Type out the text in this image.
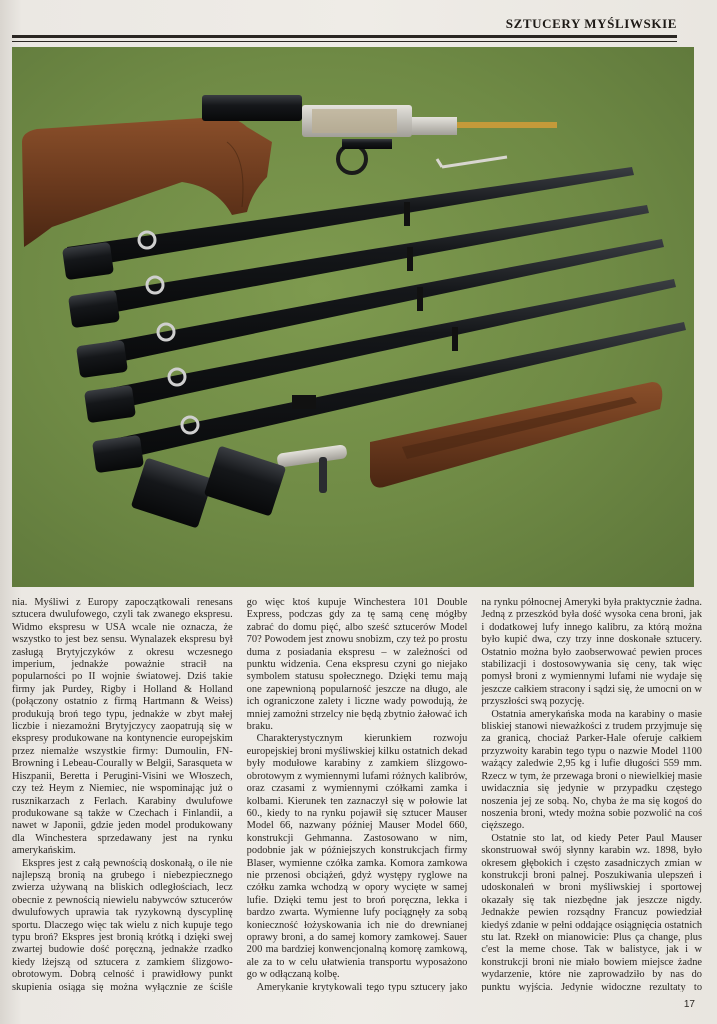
SZTUCERY MYŚLIWSKIE

nia. Myśliwi z Europy zapoczątkowali renesans sztucera dwulufowego, czyli tak zwanego ekspresu. Widmo ekspresu w USA wcale nie oznacza, że wszystko to jest bez sensu. Wynalazek ekspresu był zasługą Brytyjczyków z okresu wczesnego imperium, jednakże poważnie stracił na popularności po II wojnie światowej. Dziś takie firmy jak Purdey, Rigby i Holland & Holland (połączony ostatnio z firmą Hartmann & Weiss) produkują broń tego typu, jednakże w zbyt małej liczbie i niezamożni Brytyjczycy zaopatrują się w ekspresy produkowane na kontynencie europejskim przez niemalże wszystkie firmy: Dumoulin, FN-Browning i Lebeau-Courally w Belgii, Sarasqueta w Hiszpanii, Beretta i Perugini-Visini we Włoszech, czy też Heym z Niemiec, nie wspominając już o rusznikarzach z Ferlach. Karabiny dwulufowe produkowane są także w Czechach i Finlandii, a nawet w Japonii, gdzie jeden model produkowany dla Winchestera sprzedawany jest na rynku amerykańskim.

Ekspres jest z całą pewnością doskonałą, o ile nie najlepszą bronią na grubego i niebezpiecznego zwierza używaną na bliskich odległościach, lecz obecnie z pewnością niewielu nabywców sztucerów dwulufowych uprawia tak ryzykowną dyscyplinę sportu. Dlaczego więc tak wielu z nich kupuje tego typu broń? Ekspres jest bronią krótką i dzięki swej zwartej budowie dość poręczną, jednakże rzadko kiedy lżejszą od sztucera z zamkiem ślizgowo-obrotowym. Dobrą celność i prawidłowy punkt skupienia osiąga się można wyłącznie ze ściśle

go więc ktoś kupuje Winchestera 101 Double Express, podczas gdy za tę samą cenę mógłby zabrać do domu pięć, albo sześć sztucerów Model 70? Powodem jest znowu snobizm, czy też po prostu duma z posiadania ekspresu – w zależności od punktu widzenia. Cena ekspresu czyni go niejako symbolem statusu społecznego. Dzięki temu mają one zapewnioną popularność jeszcze na długo, ale ich ograniczone zalety i liczne wady powodują, że mniej zamożni strzelcy nie będą zbytnio żałować ich braku.

Charakterystycznym kierunkiem rozwoju europejskiej broni myśliwskiej kilku ostatnich dekad były modułowe karabiny z zamkiem ślizgowo-obrotowym z wymiennymi lufami różnych kalibrów, oraz czasami z wymiennymi czółkami zamka i kolbami. Kierunek ten zaznaczył się w połowie lat 60., kiedy to na rynku pojawił się sztucer Mauser Model 66, nazwany później Mauser Model 660, konstrukcji Gehmanna. Zastosowano w nim, podobnie jak w późniejszych konstrukcjach firmy Blaser, wymienne czółka zamka. Komora zamkowa nie przenosi obciążeń, gdyż występy ryglowe na czółku zamka wchodzą w opory wycięte w samej lufie. Dzięki temu jest to broń poręczna, lekka i bardzo zwarta. Wymienne lufy pociągnęły za sobą konieczność łożyskowania ich nie do drewnianej oprawy broni, a do samej komory zamkowej. Sauer 200 ma bardziej konwencjonalną komorę zamkową, ale za to w celu ułatwienia transportu wyposażono go w odłączaną kolbę.

Amerykanie krytykowali tego typu sztucery jako

na rynku północnej Ameryki była praktycznie żadna. Jedną z przeszkód była dość wysoka cena broni, jak i dodatkowej lufy innego kalibru, za którą można było kupić dwa, czy trzy inne doskonałe sztucery. Ostatnio można było zaobserwować pewien proces stabilizacji i dostosowywania się ceny, tak więc pomysł broni z wymiennymi lufami nie wydaje się jeszcze całkiem stracony i sądzi się, że umocni on w przyszłości swą pozycję.

Ostatnia amerykańska moda na karabiny o masie bliskiej stanowi nieważkości z trudem przyjmuje się za granicą, chociaż Parker-Hale oferuje całkiem przyzwoity karabin tego typu o nazwie Model 1100 ważący zaledwie 2,95 kg i lufie długości 559 mm. Rzecz w tym, że przewaga broni o niewielkiej masie uwidacznia się jedynie w przypadku częstego noszenia jej ze sobą. No, chyba że ma się kogoś do noszenia broni, wtedy można sobie pozwolić na coś cięższego.

Ostatnie sto lat, od kiedy Peter Paul Mauser skonstruował swój słynny karabin wz. 1898, było okresem głębokich i często zasadniczych zmian w konstrukcji broni palnej. Poszukiwania ulepszeń i udoskonaleń w broni myśliwskiej i sportowej okazały się tak niezbędne jak jeszcze nigdy. Jednakże pewien rozsądny Francuz powiedział kiedyś zdanie w pełni oddające osiągnięcia ostatnich stu lat. Rzekł on mianowicie: Plus ça change, plus c'est la meme chose. Tak w balistyce, jak i w konstrukcji broni nie miało bowiem miejsce żadne wydarzenie, które nie zaprowadziło by nas do punktu wyjścia. Jedynie widoczne rezultaty to

17
